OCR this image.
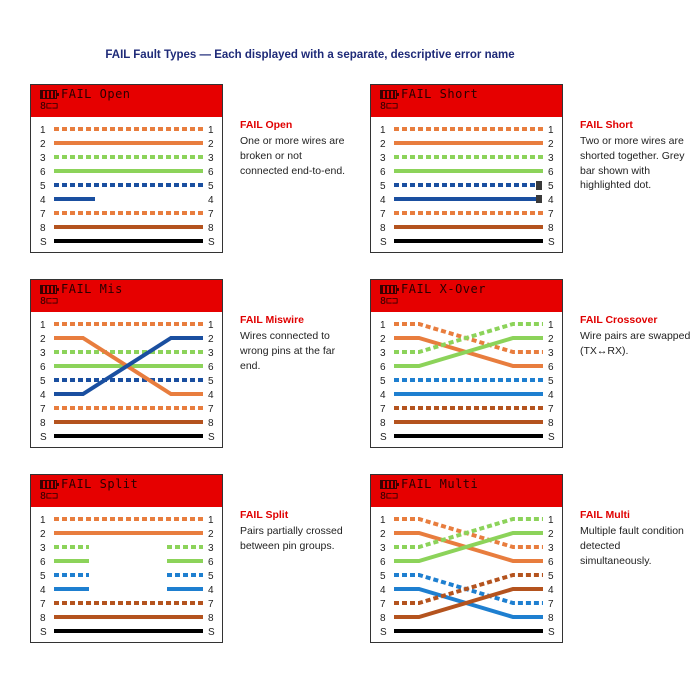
FAIL Fault Types — Each displayed with a separate, descriptive error name
FAIL Open
8⊏⊐
1
2
3
6
5
4
7
8
S
1
2
3
6
5
4
7
8
S
FAIL Open
One or more wires are broken or not connected end-to-end.
FAIL Short
8⊏⊐
1
2
3
6
5
4
7
8
S
1
2
3
6
5
4
7
8
S
FAIL Short
Two or more wires are shorted together. Grey bar shown with highlighted dot.
FAIL Mis
8⊏⊐
1
2
3
6
5
4
7
8
S
1
2
3
6
5
4
7
8
S
FAIL Miswire
Wires connected to wrong pins at the far end.
FAIL X-Over
8⊏⊐
1
2
3
6
5
4
7
8
S
1
2
3
6
5
4
7
8
S
FAIL Crossover
Wire pairs are swapped (TX↔RX).
FAIL Split
8⊏⊐
1
2
3
6
5
4
7
8
S
1
2
3
6
5
4
7
8
S
FAIL Split
Pairs partially crossed between pin groups.
FAIL Multi
8⊏⊐
1
2
3
6
5
4
7
8
S
1
2
3
6
5
4
7
8
S
FAIL Multi
Multiple fault condition detected simultaneously.
